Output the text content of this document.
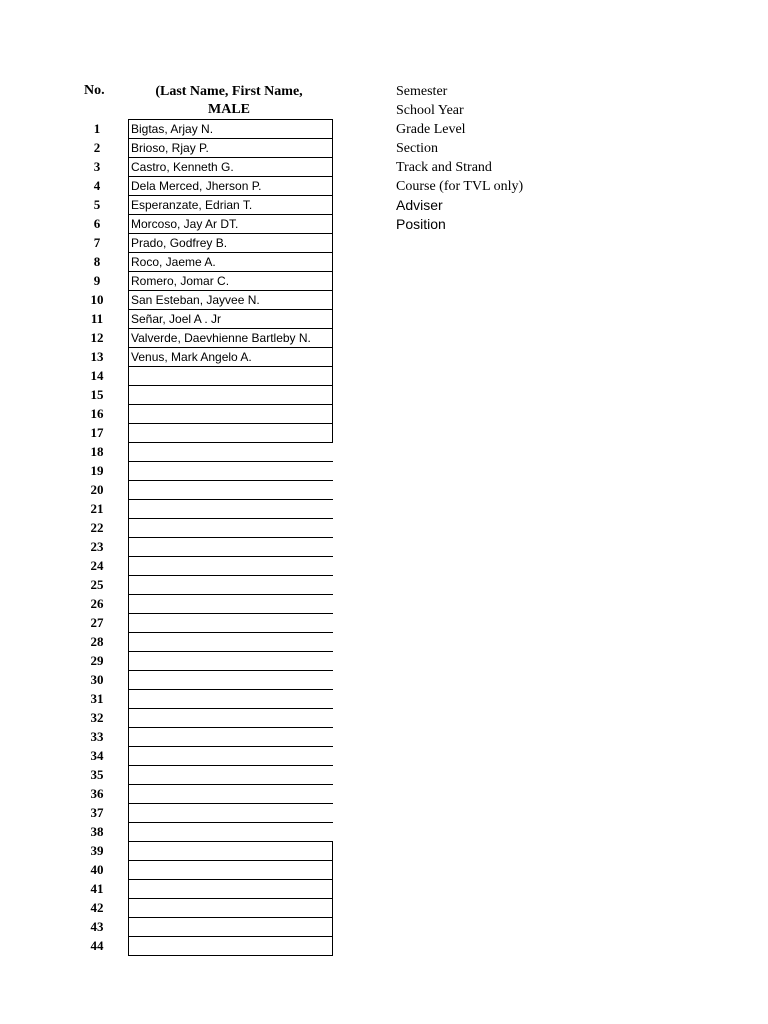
No.	(Last Name, First Name,
MALE
1	Bigtas, Arjay N.
2	Brioso, Rjay P.
3	Castro, Kenneth G.
4	Dela Merced, Jherson P.
5	Esperanzate, Edrian T.
6	Morcoso, Jay Ar DT.
7	Prado, Godfrey B.
8	Roco, Jaeme A.
9	Romero, Jomar C.
10	San Esteban, Jayvee N.
11	Señar, Joel A . Jr
12	Valverde, Daevhienne Bartleby N.
13	Venus, Mark Angelo A.
14
15
16
17
18
19
20
21
22
23
24
25
26
27
28
29
30
31
32
33
34
35
36
37
38
39
40
41
42
43
44
Semester
School Year
Grade Level
Section
Track and Strand
Course (for TVL only)
Adviser
Position
